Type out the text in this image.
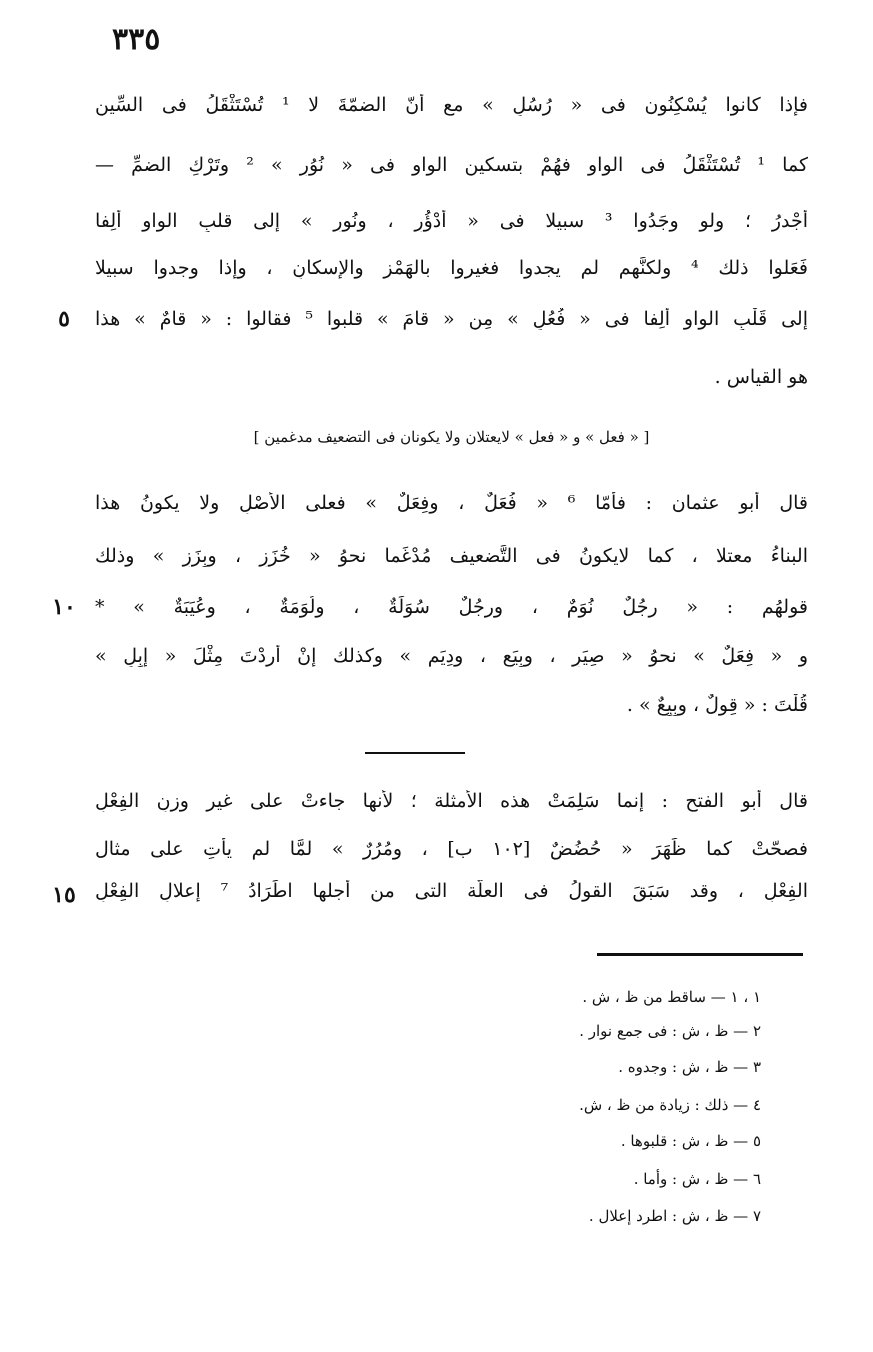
٣٣٥
فإذا كانوا يُسْكِنُون فى « رُسُلٍ » مع أنّ الضمّةَ لا ¹ تُسْتَثْقَلُ فى السِّين
كما ¹ تُسْتَثْقَلُ فى الواو فهُمْ بتسكينِ الواوِ فى « نُوُرٍ » ² وتَرْكِ الضمِّ —
أجْدرُ ؛ ولو وجَدُوا ³ سبيلا فى « أدْؤُرٍ ، ونُورٍ » إلى قلبِ الواو ألِفا
فَعَلوا ذلك ⁴ ولكنَّهم لم يجدوا فغيروا بالهَمْزِ والإسكانِ ، وإذا وجدوا سبيلا
إلى قَلْبِ الواوِ ألِفا فى « فُعُلٍ » مِن « قامَ » قلبوا ⁵ فقالوا : « قامٌ » هذا
هو القياس .
٥
[ « فعل » و « فعل » لايعتلان ولا يكونان فى التضعيف مدغمين ]
قال أبو عثمان : فأمّا ⁶ « فُعَلٌ ، وفِعَلٌ » فعلى الأصْلِ ولا يكونُ هذا
البناءُ معتلا ، كما لايكونُ فى التَّضعيف مُدْغَما نحوُ « خُزَزٍ ، وبِزَزٍ » وذلك
قولهُم : « رجُلٌ نُوَمٌ ، ورجُلٌ سُوَلَةٌ ، ولُوَمَةٌ ، وعُيَبَةٌ » *
و « فِعَلٌ » نحوُ « صِيَرٍ ، وبِيَعٍ ، ودِيَمٍ » وكذلك إنْ أردْتَ مِثْلَ « إبِلٍ »
قُلْتَ : « قِوِلٌ ، وبِيِعٌ » .
١٠
قال أبو الفتح : إنما سَلِمَتْ هذه الأمثلة ؛ لأنها جاءتْ على غير وزنِ الفِعْلِ
فصحّتْ كما ظَهَرَ « حُضُضٌ [١٠٢ ب] ، ومُرُرٌ » لمَّا لم يأتِ على مثال
الفِعْلِ ، وقد سَبَقَ القولُ فى العلّة التى من أجلها اطِّرَادُ ⁷ إعلالِ الفِعْلِ
١٥
١ ، ١ — ساقط من ظ ، ش .
٢ — ظ ، ش : فى جمع نوار .
٣ — ظ ، ش : وجدوه .
٤ — ذلك : زيادة من ظ ، ش.
٥ — ظ ، ش : قلبوها .
٦ — ظ ، ش : وأما .
٧ — ظ ، ش : اطرد إعلال .
